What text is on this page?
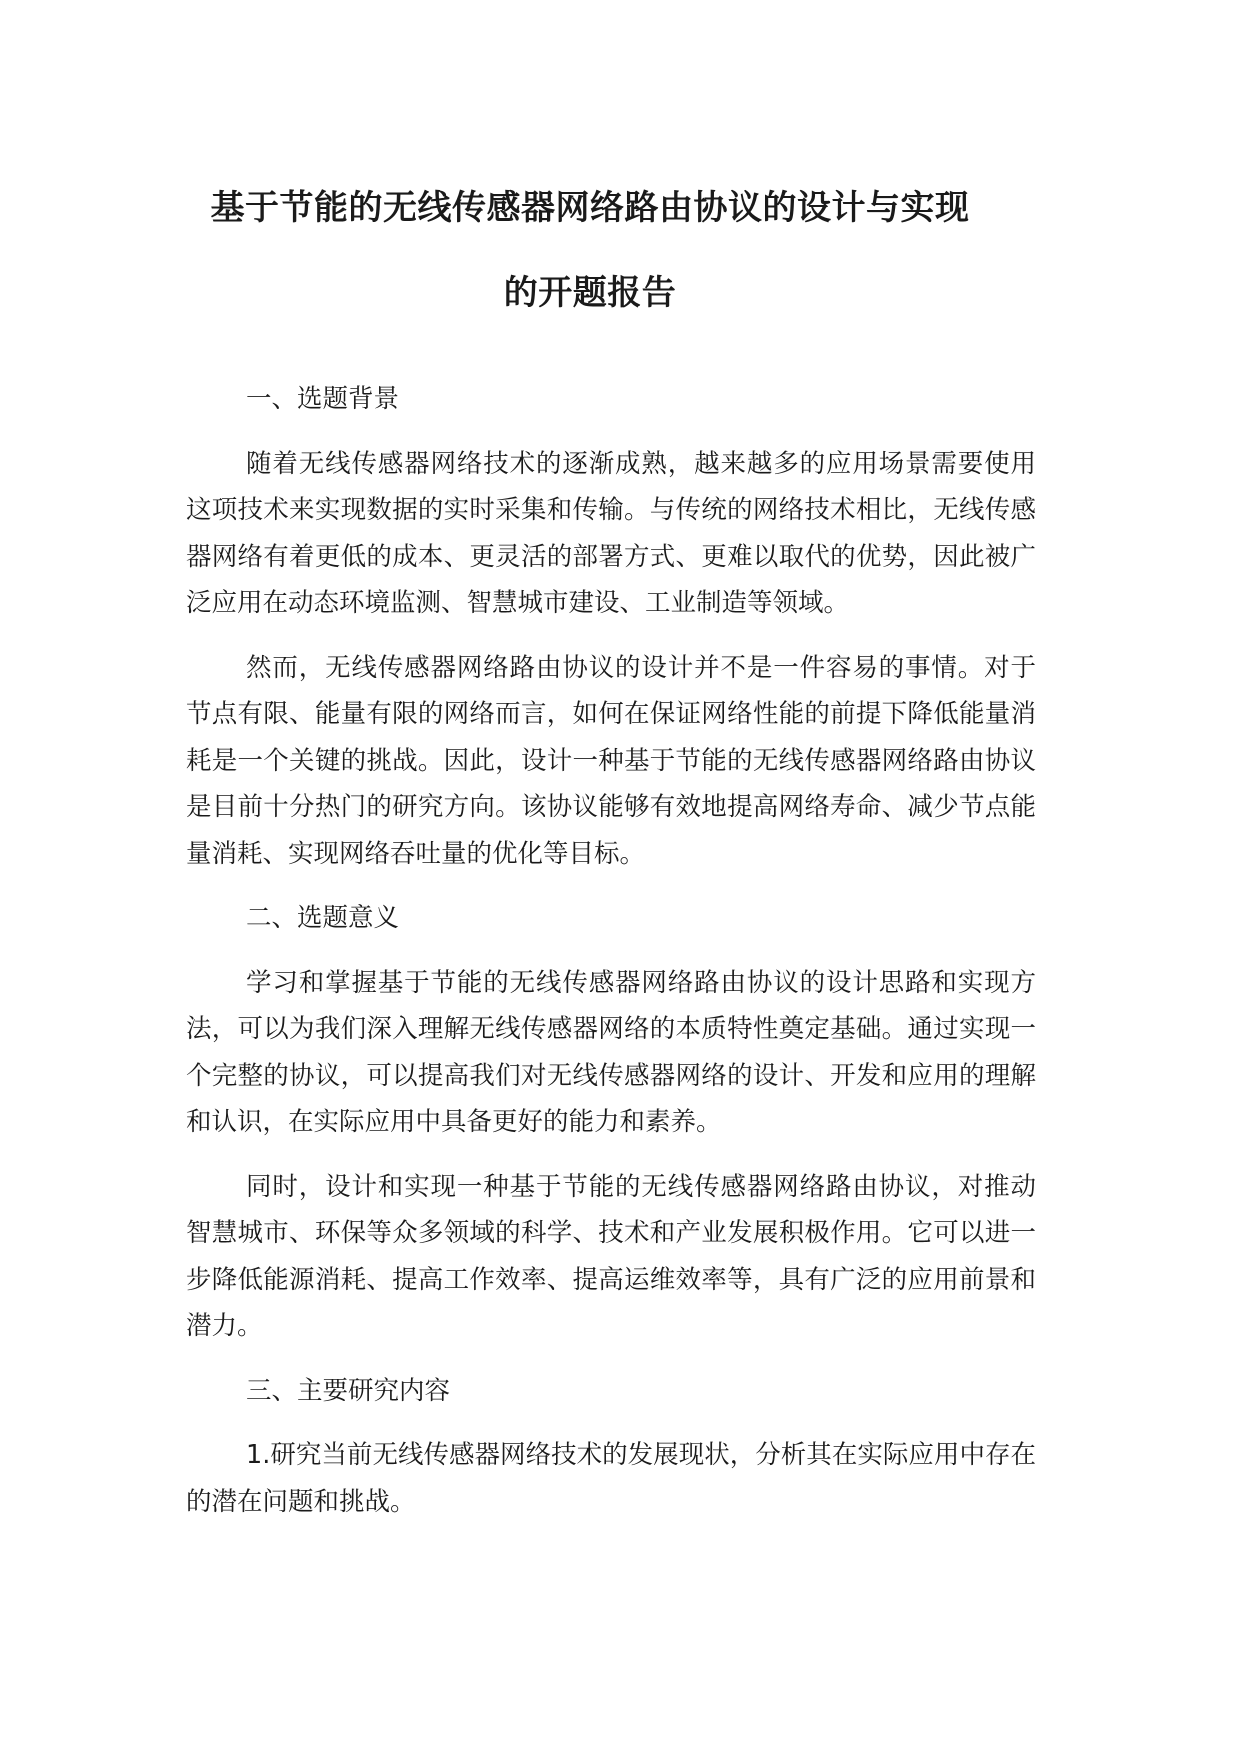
基于节能的无线传感器网络路由协议的设计与实现
的开题报告
一、选题背景

随着无线传感器网络技术的逐渐成熟，越来越多的应用场景需要使用这项技术来实现数据的实时采集和传输。与传统的网络技术相比，无线传感器网络有着更低的成本、更灵活的部署方式、更难以取代的优势，因此被广泛应用在动态环境监测、智慧城市建设、工业制造等领域。

然而，无线传感器网络路由协议的设计并不是一件容易的事情。对于节点有限、能量有限的网络而言，如何在保证网络性能的前提下降低能量消耗是一个关键的挑战。因此，设计一种基于节能的无线传感器网络路由协议是目前十分热门的研究方向。该协议能够有效地提高网络寿命、减少节点能量消耗、实现网络吞吐量的优化等目标。

二、选题意义

学习和掌握基于节能的无线传感器网络路由协议的设计思路和实现方法，可以为我们深入理解无线传感器网络的本质特性奠定基础。通过实现一个完整的协议，可以提高我们对无线传感器网络的设计、开发和应用的理解和认识，在实际应用中具备更好的能力和素养。

同时，设计和实现一种基于节能的无线传感器网络路由协议，对推动智慧城市、环保等众多领域的科学、技术和产业发展积极作用。它可以进一步降低能源消耗、提高工作效率、提高运维效率等，具有广泛的应用前景和潜力。

三、主要研究内容

1.研究当前无线传感器网络技术的发展现状，分析其在实际应用中存在的潜在问题和挑战。
